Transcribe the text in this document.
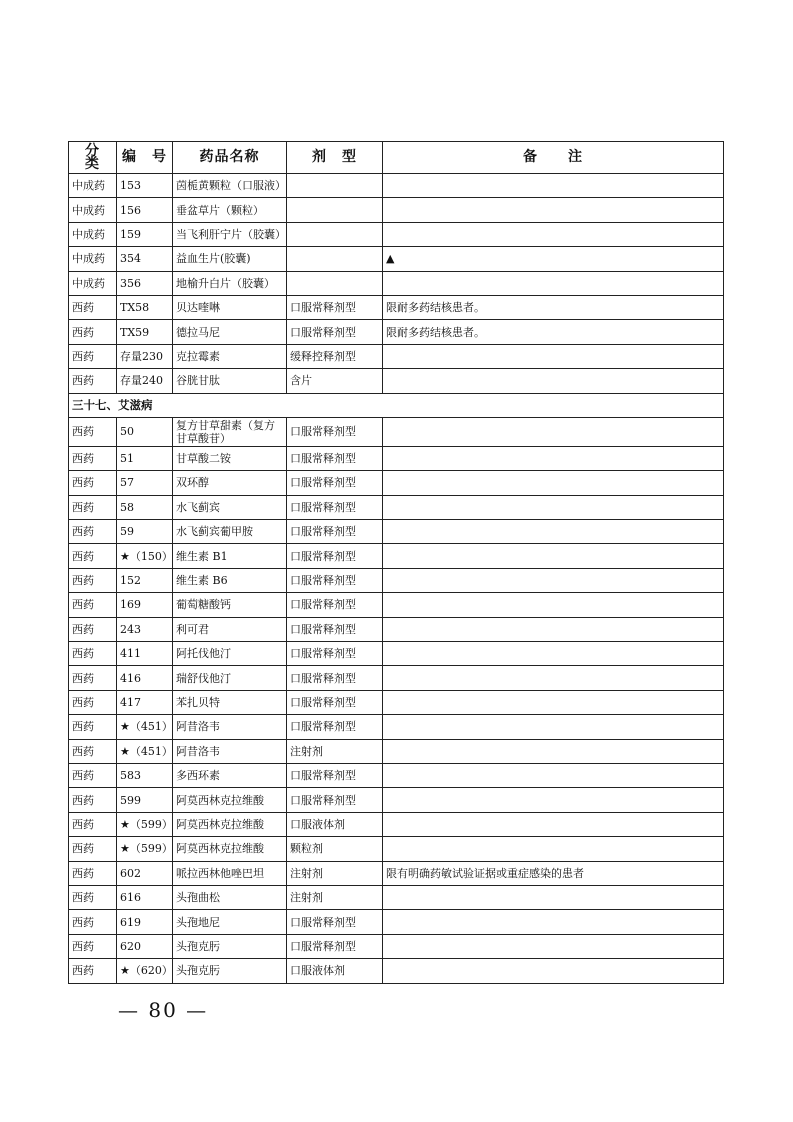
分　类	编　号	药品名称	剂　型	备　　注
中成药	153	茵栀黄颗粒（口服液）		
中成药	156	垂盆草片（颗粒）		
中成药	159	当飞利肝宁片（胶囊）		
中成药	354	益血生片(胶囊)		▲
中成药	356	地榆升白片（胶囊）		
西药	TX58	贝达喹啉	口服常释剂型	限耐多药结核患者。
西药	TX59	德拉马尼	口服常释剂型	限耐多药结核患者。
西药	存量230	克拉霉素	缓释控释剂型	
西药	存量240	谷胱甘肽	含片	
三十七、艾滋病				
西药	50	复方甘草甜素（复方甘草酸苷）	口服常释剂型	
西药	51	甘草酸二铵	口服常释剂型	
西药	57	双环醇	口服常释剂型	
西药	58	水飞蓟宾	口服常释剂型	
西药	59	水飞蓟宾葡甲胺	口服常释剂型	
西药	★（150）	维生素 B1	口服常释剂型	
西药	152	维生素 B6	口服常释剂型	
西药	169	葡萄糖酸钙	口服常释剂型	
西药	243	利可君	口服常释剂型	
西药	411	阿托伐他汀	口服常释剂型	
西药	416	瑞舒伐他汀	口服常释剂型	
西药	417	苯扎贝特	口服常释剂型	
西药	★（451）	阿昔洛韦	口服常释剂型	
西药	★（451）	阿昔洛韦	注射剂	
西药	583	多西环素	口服常释剂型	
西药	599	阿莫西林克拉维酸	口服常释剂型	
西药	★（599）	阿莫西林克拉维酸	口服液体剂	
西药	★（599）	阿莫西林克拉维酸	颗粒剂	
西药	602	哌拉西林他唑巴坦	注射剂	限有明确药敏试验证据或重症感染的患者
西药	616	头孢曲松	注射剂	
西药	619	头孢地尼	口服常释剂型	
西药	620	头孢克肟	口服常释剂型	
西药	★（620）	头孢克肟	口服液体剂	
— 80 —
